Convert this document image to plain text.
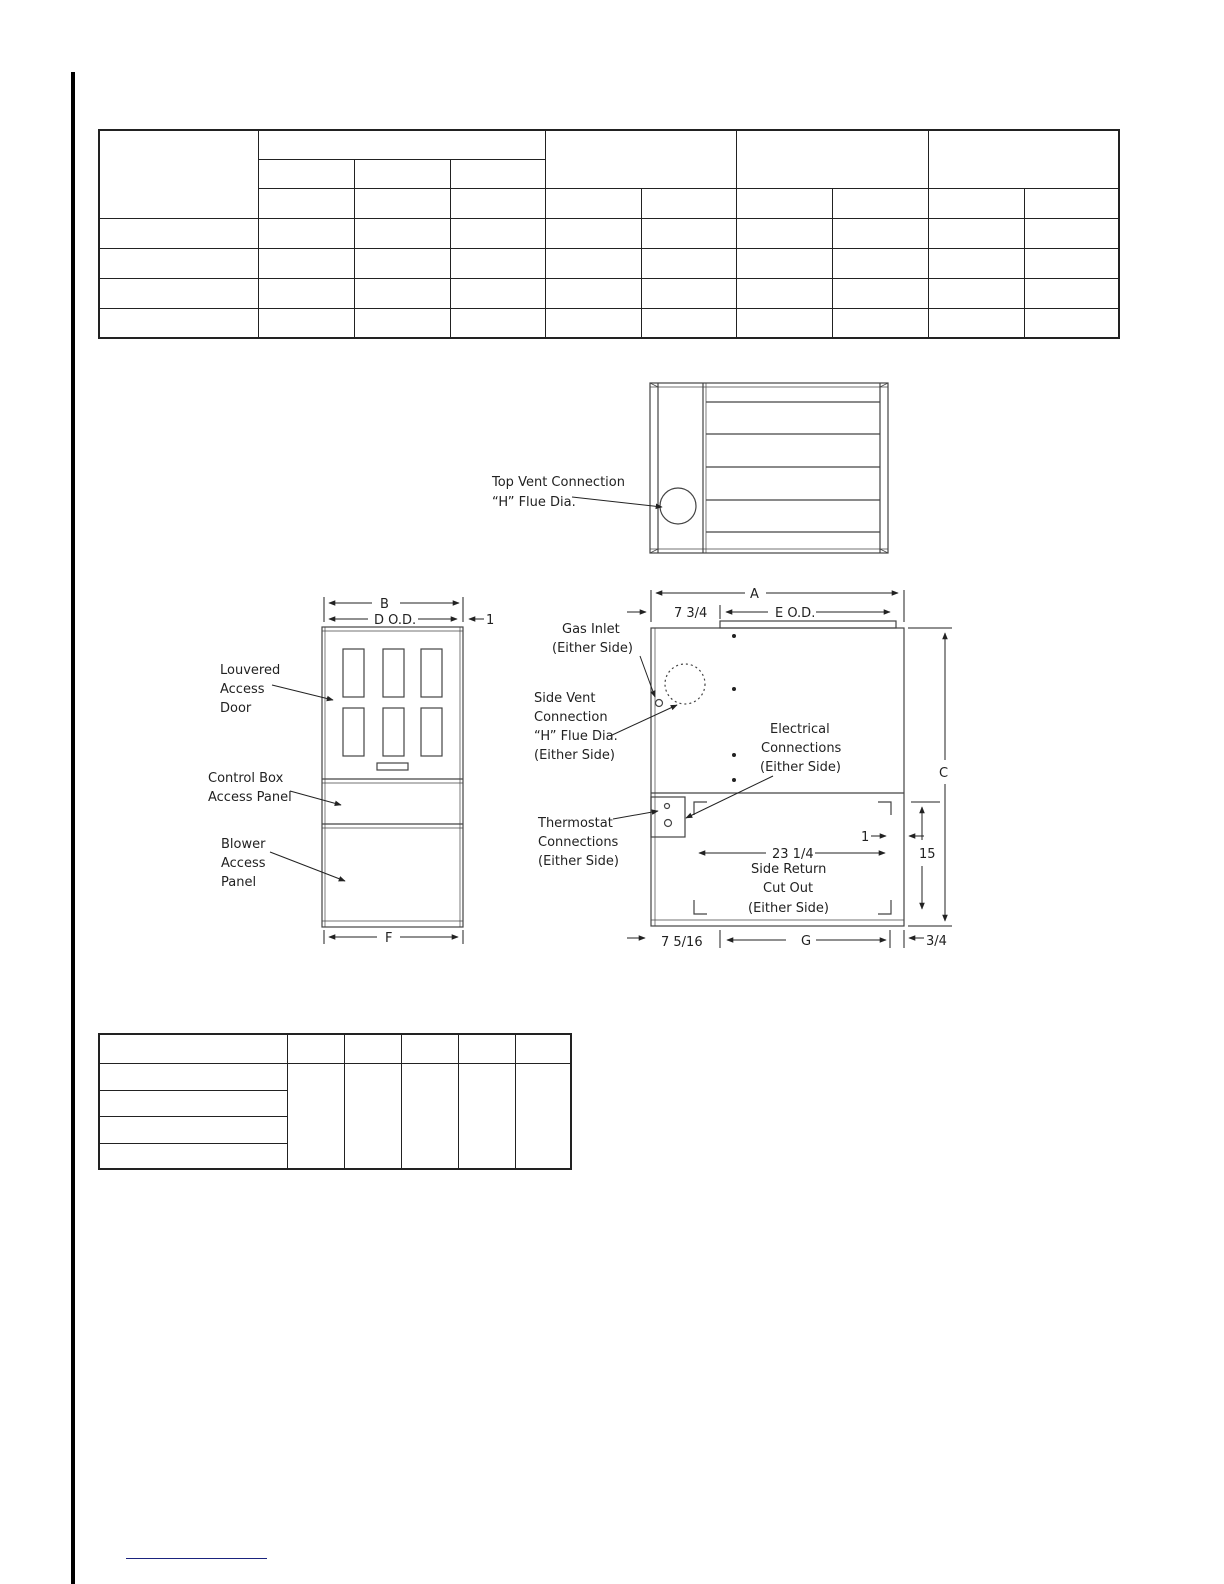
Top Vent Connection
“H” Flue Dia.
B
D O.D.	1
F
Louvered
Access
Door
Control Box
Access Panel
Blower
Access
Panel
A
7 3/4	E O.D.
C
15
1
23 1/4
7 5/16	G	3/4
Gas Inlet
(Either Side)
Side Vent
Connection
“H” Flue Dia.
(Either Side)
Electrical
Connections
(Either Side)
Thermostat
Connections
(Either Side)
Side Return
Cut Out
(Either Side)
